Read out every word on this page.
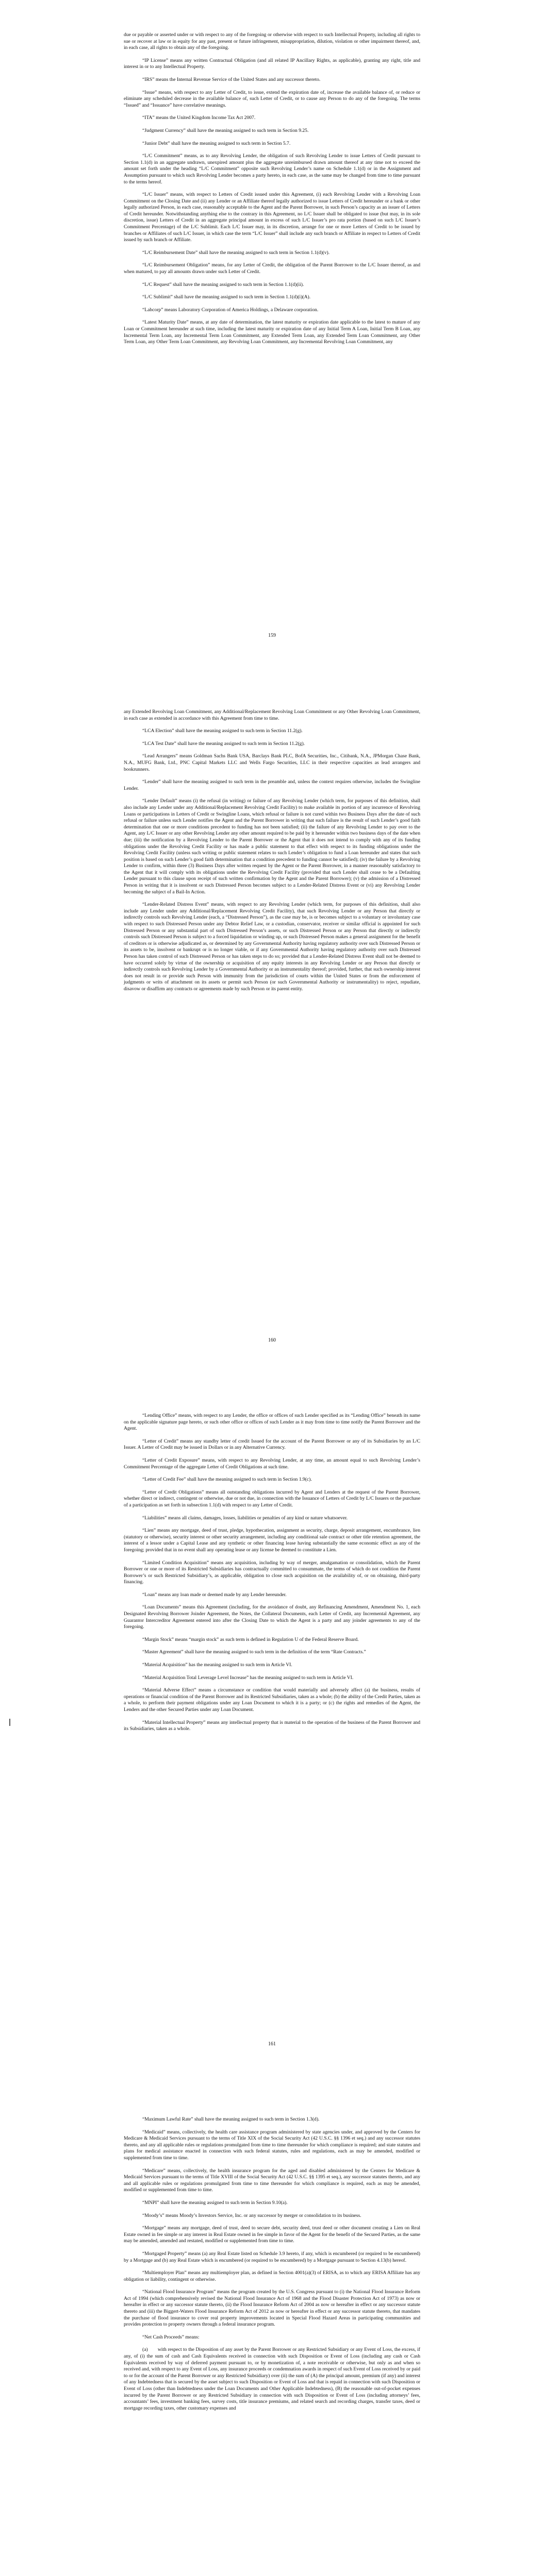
due or payable or asserted under or with respect to any of the foregoing or otherwise with respect to such Intellectual Property, including all rights to sue or recover at law or in equity for any past, present or future infringement, misappropriation, dilution, violation or other impairment thereof, and, in each case, all rights to obtain any of the foregoing.

“IP License” means any written Contractual Obligation (and all related IP Ancillary Rights, as applicable), granting any right, title and interest in or to any Intellectual Property.

“IRS” means the Internal Revenue Service of the United States and any successor thereto.

“Issue” means, with respect to any Letter of Credit, to issue, extend the expiration date of, increase the available balance of, or reduce or eliminate any scheduled decrease in the available balance of, such Letter of Credit, or to cause any Person to do any of the foregoing. The terms “Issued” and “Issuance” have correlative meanings.

“ITA” means the United Kingdom Income Tax Act 2007.

“Judgment Currency” shall have the meaning assigned to such term in Section 9.25.

“Junior Debt” shall have the meaning assigned to such term in Section 5.7.

“L/C Commitment” means, as to any Revolving Lender, the obligation of such Revolving Lender to issue Letters of Credit pursuant to Section 1.1(d) in an aggregate undrawn, unexpired amount plus the aggregate unreimbursed drawn amount thereof at any time not to exceed the amount set forth under the heading “L/C Commitment” opposite such Revolving Lender’s name on Schedule 1.1(d) or in the Assignment and Assumption pursuant to which such Revolving Lender becomes a party hereto, in each case, as the same may be changed from time to time pursuant to the terms hereof.

“L/C Issuer” means, with respect to Letters of Credit issued under this Agreement, (i) each Revolving Lender with a Revolving Loan Commitment on the Closing Date and (ii) any Lender or an Affiliate thereof legally authorized to issue Letters of Credit hereunder or a bank or other legally authorized Person, in each case, reasonably acceptable to the Agent and the Parent Borrower, in such Person’s capacity as an issuer of Letters of Credit hereunder. Notwithstanding anything else to the contrary in this Agreement, no L/C Issuer shall be obligated to issue (but may, in its sole discretion, issue) Letters of Credit in an aggregate principal amount in excess of such L/C Issuer’s pro rata portion (based on such L/C Issuer’s Commitment Percentage) of the L/C Sublimit. Each L/C Issuer may, in its discretion, arrange for one or more Letters of Credit to be issued by branches or Affiliates of such L/C Issuer, in which case the term “L/C Issuer” shall include any such branch or Affiliate in respect to Letters of Credit issued by such branch or Affiliate.

“L/C Reimbursement Date” shall have the meaning assigned to such term in Section 1.1(d)(v).

“L/C Reimbursement Obligation” means, for any Letter of Credit, the obligation of the Parent Borrower to the L/C Issuer thereof, as and when matured, to pay all amounts drawn under such Letter of Credit.

“L/C Request” shall have the meaning assigned to such term in Section 1.1(d)(ii).

“L/C Sublimit” shall have the meaning assigned to such term in Section 1.1(d)(i)(A).

“Labcorp” means Laboratory Corporation of America Holdings, a Delaware corporation.

“Latest Maturity Date” means, at any date of determination, the latest maturity or expiration date applicable to the latest to mature of any Loan or Commitment hereunder at such time, including the latest maturity or expiration date of any Initial Term A Loan, Initial Term B Loan, any Incremental Term Loan, any Incremental Term Loan Commitment, any Extended Term Loan, any Extended Term Loan Commitment, any Other Term Loan, any Other Term Loan Commitment, any Revolving Loan Commitment, any Incremental Revolving Loan Commitment, any

159

any Extended Revolving Loan Commitment, any Additional/Replacement Revolving Loan Commitment or any Other Revolving Loan Commitment, in each case as extended in accordance with this Agreement from time to time.

“LCA Election” shall have the meaning assigned to such term in Section 11.2(g).

“LCA Test Date” shall have the meaning assigned to such term in Section 11.2(g).

“Lead Arrangers” means Goldman Sachs Bank USA, Barclays Bank PLC, BofA Securities, Inc., Citibank, N.A., JPMorgan Chase Bank, N.A., MUFG Bank, Ltd., PNC Capital Markets LLC and Wells Fargo Securities, LLC in their respective capacities as lead arrangers and bookrunners.

“Lender” shall have the meaning assigned to such term in the preamble and, unless the context requires otherwise, includes the Swingline Lender.

“Lender Default” means (i) the refusal (in writing) or failure of any Revolving Lender (which term, for purposes of this definition, shall also include any Lender under any Additional/Replacement Revolving Credit Facility) to make available its portion of any incurrence of Revolving Loans or participations in Letters of Credit or Swingline Loans, which refusal or failure is not cured within two Business Days after the date of such refusal or failure unless such Lender notifies the Agent and the Parent Borrower in writing that such failure is the result of such Lender’s good faith determination that one or more conditions precedent to funding has not been satisfied; (ii) the failure of any Revolving Lender to pay over to the Agent, any L/C Issuer or any other Revolving Lender any other amount required to be paid by it hereunder within two business days of the date when due; (iii) the notification by a Revolving Lender to the Parent Borrower or the Agent that it does not intend to comply with any of its funding obligations under the Revolving Credit Facility or has made a public statement to that effect with respect to its funding obligations under the Revolving Credit Facility (unless such writing or public statement relates to such Lender’s obligation to fund a Loan hereunder and states that such position is based on such Lender’s good faith determination that a condition precedent to funding cannot be satisfied); (iv) the failure by a Revolving Lender to confirm, within three (3) Business Days after written request by the Agent or the Parent Borrower, in a manner reasonably satisfactory to the Agent that it will comply with its obligations under the Revolving Credit Facility (provided that such Lender shall cease to be a Defaulting Lender pursuant to this clause upon receipt of such written confirmation by the Agent and the Parent Borrower); (v) the admission of a Distressed Person in writing that it is insolvent or such Distressed Person becomes subject to a Lender-Related Distress Event or (vi) any Revolving Lender becoming the subject of a Bail-In Action.

“Lender-Related Distress Event” means, with respect to any Revolving Lender (which term, for purposes of this definition, shall also include any Lender under any Additional/Replacement Revolving Credit Facility), that such Revolving Lender or any Person that directly or indirectly controls such Revolving Lender (each, a “Distressed Person”), as the case may be, is or becomes subject to a voluntary or involuntary case with respect to such Distressed Person under any Debtor Relief Law, or a custodian, conservator, receiver or similar official is appointed for such Distressed Person or any substantial part of such Distressed Person’s assets, or such Distressed Person or any Person that directly or indirectly controls such Distressed Person is subject to a forced liquidation or winding up, or such Distressed Person makes a general assignment for the benefit of creditors or is otherwise adjudicated as, or determined by any Governmental Authority having regulatory authority over such Distressed Person or its assets to be, insolvent or bankrupt or is no longer viable, or if any Governmental Authority having regulatory authority over such Distressed Person has taken control of such Distressed Person or has taken steps to do so; provided that a Lender-Related Distress Event shall not be deemed to have occurred solely by virtue of the ownership or acquisition of any equity interests in any Revolving Lender or any Person that directly or indirectly controls such Revolving Lender by a Governmental Authority or an instrumentality thereof; provided, further, that such ownership interest does not result in or provide such Person with immunity from the jurisdiction of courts within the United States or from the enforcement of judgments or writs of attachment on its assets or permit such Person (or such Governmental Authority or instrumentality) to reject, repudiate, disavow or disaffirm any contracts or agreements made by such Person or its parent entity.

160

“Lending Office” means, with respect to any Lender, the office or offices of such Lender specified as its “Lending Office” beneath its name on the applicable signature page hereto, or such other office or offices of such Lender as it may from time to time notify the Parent Borrower and the Agent.

“Letter of Credit” means any standby letter of credit Issued for the account of the Parent Borrower or any of its Subsidiaries by an L/C Issuer. A Letter of Credit may be issued in Dollars or in any Alternative Currency.

“Letter of Credit Exposure” means, with respect to any Revolving Lender, at any time, an amount equal to such Revolving Lender’s Commitment Percentage of the aggregate Letter of Credit Obligations at such time.

“Letter of Credit Fee” shall have the meaning assigned to such term in Section 1.9(c).

“Letter of Credit Obligations” means all outstanding obligations incurred by Agent and Lenders at the request of the Parent Borrower, whether direct or indirect, contingent or otherwise, due or not due, in connection with the Issuance of Letters of Credit by L/C Issuers or the purchase of a participation as set forth in subsection 1.1(d) with respect to any Letter of Credit.

“Liabilities” means all claims, damages, losses, liabilities or penalties of any kind or nature whatsoever.

“Lien” means any mortgage, deed of trust, pledge, hypothecation, assignment as security, charge, deposit arrangement, encumbrance, lien (statutory or otherwise), security interest or other security arrangement, including any conditional sale contract or other title retention agreement, the interest of a lessor under a Capital Lease and any synthetic or other financing lease having substantially the same economic effect as any of the foregoing; provided that in no event shall any operating lease or any license be deemed to constitute a Lien.

“Limited Condition Acquisition” means any acquisition, including by way of merger, amalgamation or consolidation, which the Parent Borrower or one or more of its Restricted Subsidiaries has contractually committed to consummate, the terms of which do not condition the Parent Borrower’s or such Restricted Subsidiary’s, as applicable, obligation to close such acquisition on the availability of, or on obtaining, third-party financing.

“Loan” means any loan made or deemed made by any Lender hereunder.

“Loan Documents” means this Agreement (including, for the avoidance of doubt, any Refinancing Amendment, Amendment No. 1, each Designated Revolving Borrower Joinder Agreement, the Notes, the Collateral Documents, each Letter of Credit, any Incremental Agreement, any Guarantor Intercreditor Agreement entered into after the Closing Date to which the Agent is a party and any joinder agreements to any of the foregoing.

“Margin Stock” means “margin stock” as such term is defined in Regulation U of the Federal Reserve Board.

“Master Agreement” shall have the meaning assigned to such term in the definition of the term “Rate Contracts.”

“Material Acquisition” has the meaning assigned to such term in Article VI.

“Material Acquisition Total Leverage Level Increase” has the meaning assigned to such term in Article VI.

“Material Adverse Effect” means a circumstance or condition that would materially and adversely affect (a) the business, results of operations or financial condition of the Parent Borrower and its Restricted Subsidiaries, taken as a whole; (b) the ability of the Credit Parties, taken as a whole, to perform their payment obligations under any Loan Document to which it is a party; or (c) the rights and remedies of the Agent, the Lenders and the other Secured Parties under any Loan Document.

“Material Intellectual Property” means any intellectual property that is material to the operation of the business of the Parent Borrower and its Subsidiaries, taken as a whole.

161

“Maximum Lawful Rate” shall have the meaning assigned to such term in Section 1.3(d).

“Medicaid” means, collectively, the health care assistance program administered by state agencies under, and approved by the Centers for Medicare & Medicaid Services pursuant to the terms of Title XIX of the Social Security Act (42 U.S.C. §§ 1396 et seq.) and any successor statutes thereto, and any all applicable rules or regulations promulgated from time to time thereunder for which compliance is required; and state statutes and plans for medical assistance enacted in connection with such federal statutes, rules and regulations, each as may be amended, modified or supplemented from time to time.

“Medicare” means, collectively, the health insurance program for the aged and disabled administered by the Centers for Medicare & Medicaid Services pursuant to the terms of Title XVIII of the Social Security Act (42 U.S.C. §§ 1395 et seq.), any successor statutes thereto, and any and all applicable rules or regulations promulgated from time to time thereunder for which compliance is required, each as may be amended, modified or supplemented from time to time.

“MNPI” shall have the meaning assigned to such term in Section 9.10(a).

“Moody’s” means Moody’s Investors Service, Inc. or any successor by merger or consolidation to its business.

“Mortgage” means any mortgage, deed of trust, deed to secure debt, security deed, trust deed or other document creating a Lien on Real Estate owned in fee simple or any interest in Real Estate owned in fee simple in favor of the Agent for the benefit of the Secured Parties, as the same may be amended, amended and restated, modified or supplemented from time to time.

“Mortgaged Property” means (a) any Real Estate listed on Schedule 3.9 hereto, if any, which is encumbered (or required to be encumbered) by a Mortgage and (b) any Real Estate which is encumbered (or required to be encumbered) by a Mortgage pursuant to Section 4.13(b) hereof.

“Multiemployer Plan” means any multiemployer plan, as defined in Section 4001(a)(3) of ERISA, as to which any ERISA Affiliate has any obligation or liability, contingent or otherwise.

“National Flood Insurance Program” means the program created by the U.S. Congress pursuant to (i) the National Flood Insurance Reform Act of 1994 (which comprehensively revised the National Flood Insurance Act of 1968 and the Flood Disaster Protection Act of 1973) as now or hereafter in effect or any successor statute thereto, (ii) the Flood Insurance Reform Act of 2004 as now or hereafter in effect or any successor statute thereto and (iii) the Biggert-Waters Flood Insurance Reform Act of 2012 as now or hereafter in effect or any successor statute thereto, that mandates the purchase of flood insurance to cover real property improvements located in Special Flood Hazard Areas in participating communities and provides protection to property owners through a federal insurance program.

“Net Cash Proceeds” means:

(a)  with respect to the Disposition of any asset by the Parent Borrower or any Restricted Subsidiary or any Event of Loss, the excess, if any, of (i) the sum of cash and Cash Equivalents received in connection with such Disposition or Event of Loss (including any cash or Cash Equivalents received by way of deferred payment pursuant to, or by monetization of, a note receivable or otherwise, but only as and when so received and, with respect to any Event of Loss, any insurance proceeds or condemnation awards in respect of such Event of Loss received by or paid to or for the account of the Parent Borrower or any Restricted Subsidiary) over (ii) the sum of (A) the principal amount, premium (if any) and interest of any Indebtedness that is secured by the asset subject to such Disposition or Event of Loss and that is repaid in connection with such Disposition or Event of Loss (other than Indebtedness under the Loan Documents and Other Applicable Indebtedness), (B) the reasonable out-of-pocket expenses incurred by the Parent Borrower or any Restricted Subsidiary in connection with such Disposition or Event of Loss (including attorneys’ fees, accountants’ fees, investment banking fees, survey costs, title insurance premiums, and related search and recording charges, transfer taxes, deed or mortgage recording taxes, other customary expenses and
